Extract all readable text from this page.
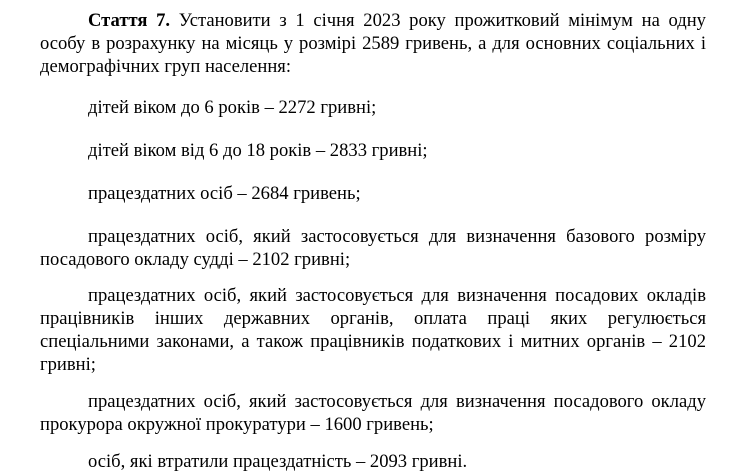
Стаття 7. Установити з 1 січня 2023 року прожитковий мінімум на одну особу в розрахунку на місяць у розмірі 2589 гривень, а для основних соціальних і демографічних груп населення:

дітей віком до 6 років – 2272 гривні;

дітей віком від 6 до 18 років – 2833 гривні;

працездатних осіб – 2684 гривень;

працездатних осіб, який застосовується для визначення базового розміру посадового окладу судді – 2102 гривні;

працездатних осіб, який застосовується для визначення посадових окладів працівників інших державних органів, оплата праці яких регулюється спеціальними законами, а також працівників податкових і митних органів – 2102 гривні;

працездатних осіб, який застосовується для визначення посадового окладу прокурора окружної прокуратури – 1600 гривень;

осіб, які втратили працездатність – 2093 гривні.
